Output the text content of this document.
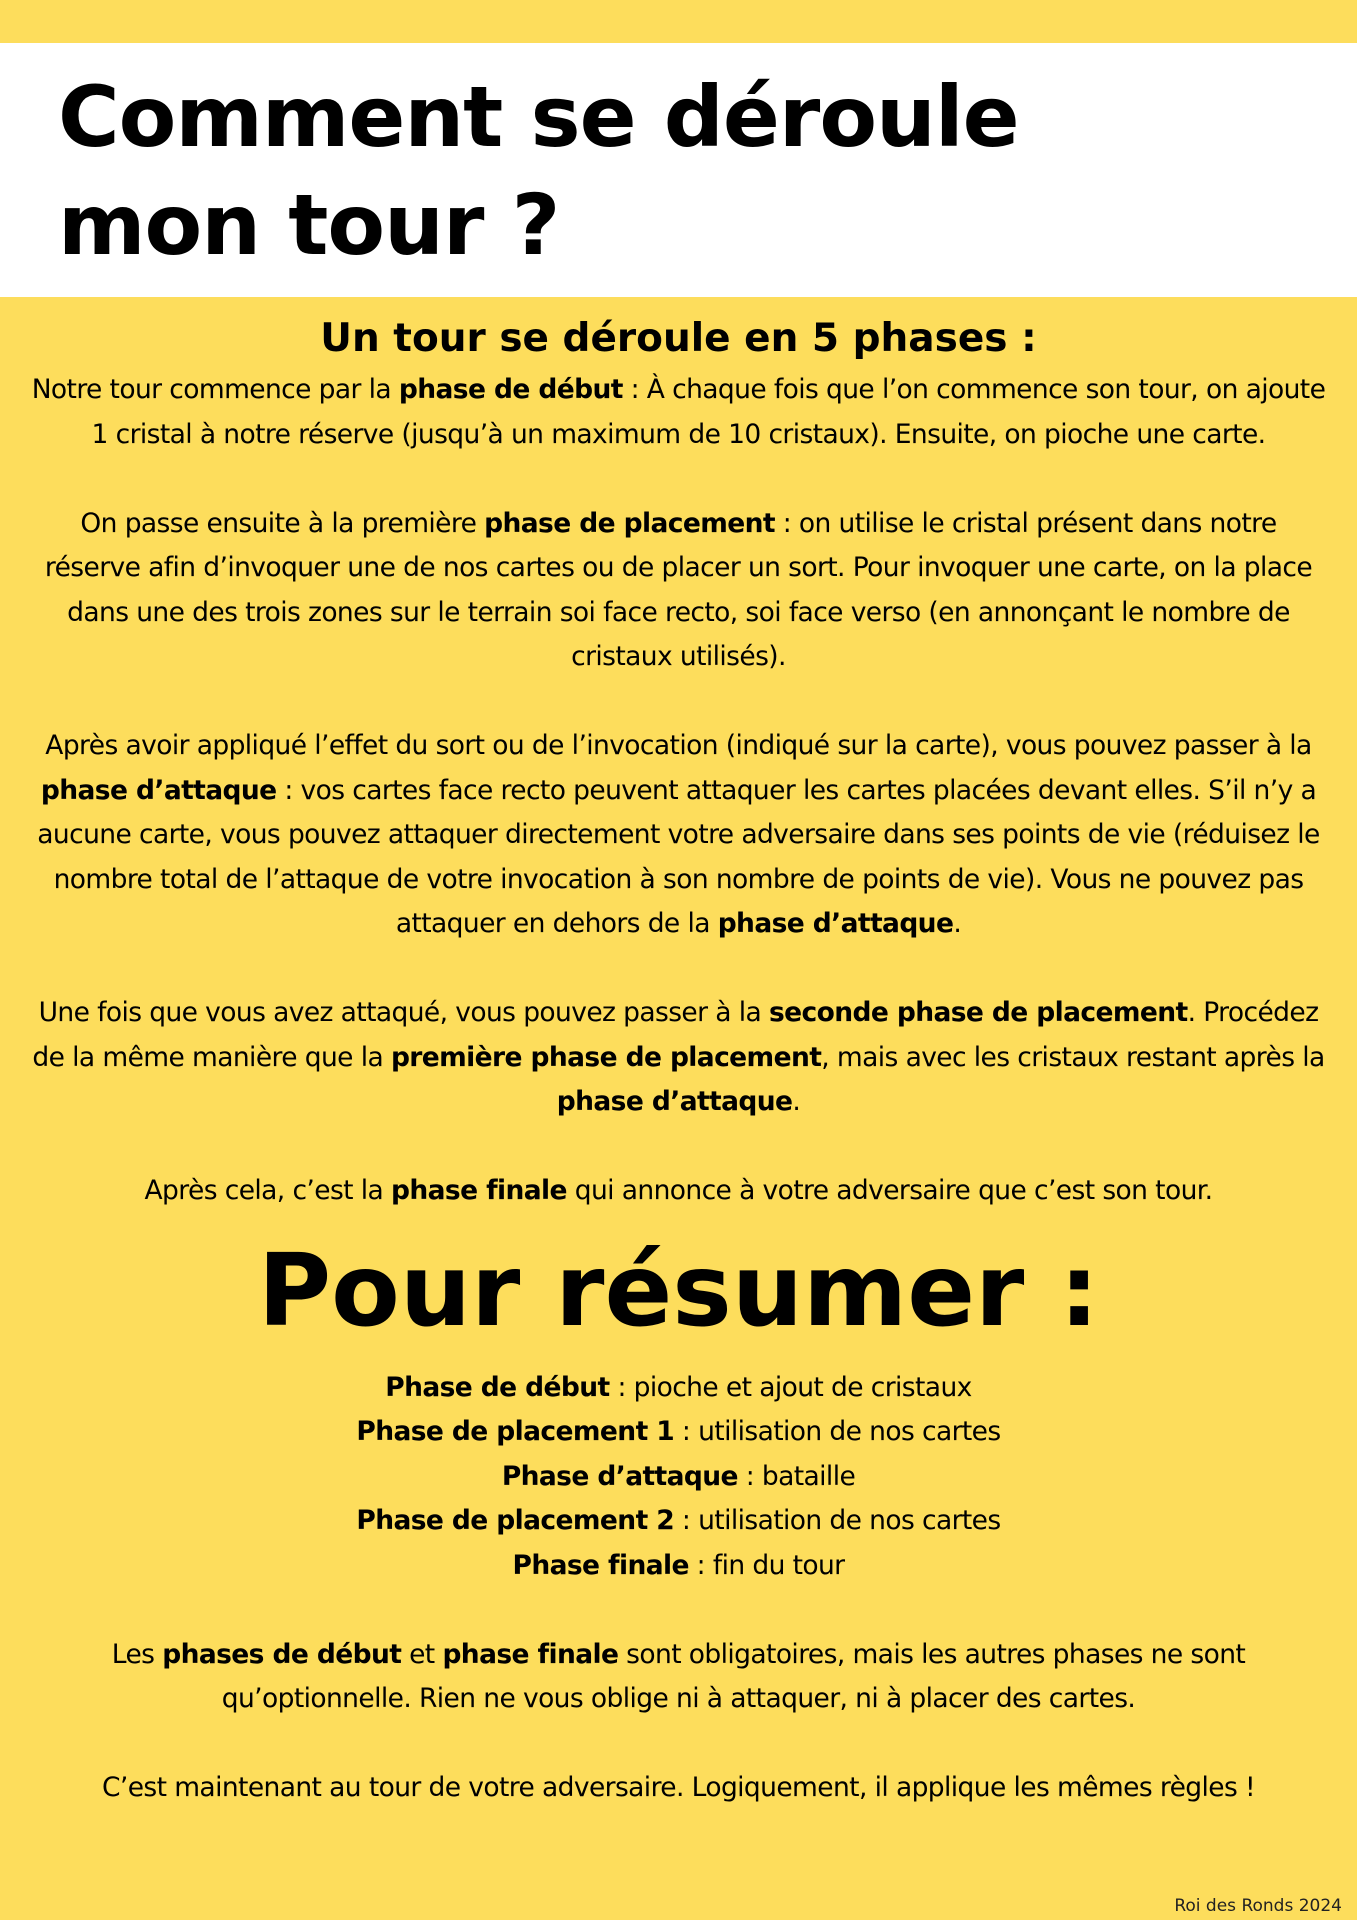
Comment se déroule
mon tour ?
Un tour se déroule en 5 phases :

Notre tour commence par la phase de début : À chaque fois que l’on commence son tour, on ajoute 1 cristal à notre réserve (jusqu’à un maximum de 10 cristaux). Ensuite, on pioche une carte.

On passe ensuite à la première phase de placement : on utilise le cristal présent dans notre réserve afin d’invoquer une de nos cartes ou de placer un sort. Pour invoquer une carte, on la place dans une des trois zones sur le terrain soi face recto, soi face verso (en annonçant le nombre de cristaux utilisés).

Après avoir appliqué l’effet du sort ou de l’invocation (indiqué sur la carte), vous pouvez passer à la phase d’attaque : vos cartes face recto peuvent attaquer les cartes placées devant elles. S’il n’y a aucune carte, vous pouvez attaquer directement votre adversaire dans ses points de vie (réduisez le nombre total de l’attaque de votre invocation à son nombre de points de vie). Vous ne pouvez pas attaquer en dehors de la phase d’attaque.

Une fois que vous avez attaqué, vous pouvez passer à la seconde phase de placement. Procédez de la même manière que la première phase de placement, mais avec les cristaux restant après la phase d’attaque.

Après cela, c’est la phase finale qui annonce à votre adversaire que c’est son tour.

Pour résumer :

Phase de début : pioche et ajout de cristaux

Phase de placement 1 : utilisation de nos cartes

Phase d’attaque : bataille

Phase de placement 2 : utilisation de nos cartes

Phase finale : fin du tour

Les phases de début et phase finale sont obligatoires, mais les autres phases ne sont qu’optionnelle. Rien ne vous oblige ni à attaquer, ni à placer des cartes.

C’est maintenant au tour de votre adversaire. Logiquement, il applique les mêmes règles !

Roi des Ronds 2024
